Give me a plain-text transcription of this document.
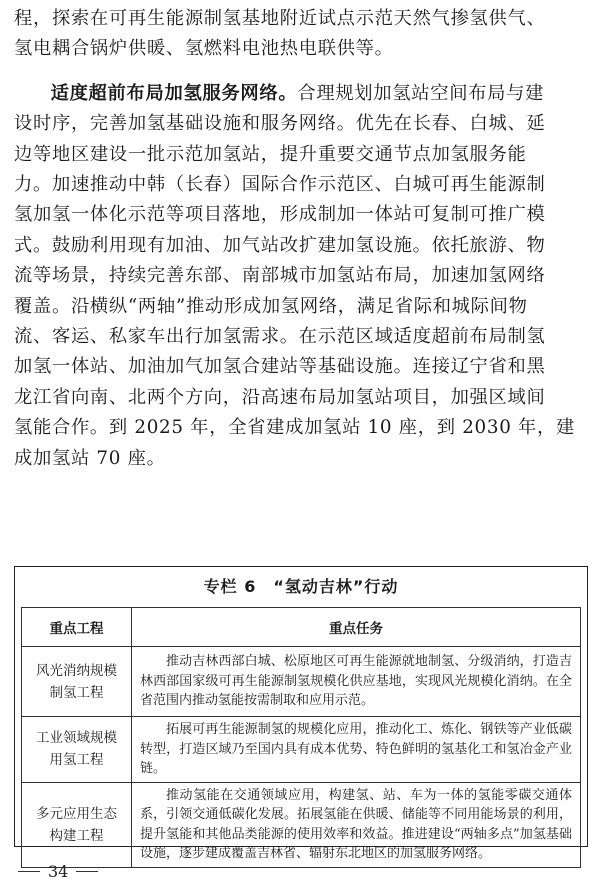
程，探索在可再生能源制氢基地附近试点示范天然气掺氢供气、
氢电耦合锅炉供暖、氢燃料电池热电联供等。

适度超前布局加氢服务网络。合理规划加氢站空间布局与建
设时序，完善加氢基础设施和服务网络。优先在长春、白城、延
边等地区建设一批示范加氢站，提升重要交通节点加氢服务能
力。加速推动中韩（长春）国际合作示范区、白城可再生能源制
氢加氢一体化示范等项目落地，形成制加一体站可复制可推广模
式。鼓励利用现有加油、加气站改扩建加氢设施。依托旅游、物
流等场景，持续完善东部、南部城市加氢站布局，加速加氢网络
覆盖。沿横纵“两轴”推动形成加氢网络，满足省际和城际间物
流、客运、私家车出行加氢需求。在示范区域适度超前布局制氢
加氢一体站、加油加气加氢合建站等基础设施。连接辽宁省和黑
龙江省向南、北两个方向，沿高速布局加氢站项目，加强区域间
氢能合作。到 2025 年，全省建成加氢站 10 座，到 2030 年，建
成加氢站 70 座。

专栏 6　“氢动吉林”行动
重点工程	重点任务
风光消纳规模
制氢工程	推动吉林西部白城、松原地区可再生能源就地制氢、分级消纳，打造吉林西部国家级可再生能源制氢规模化供应基地，实现风光规模化消纳。在全省范围内推动氢能按需制取和应用示范。
工业领域规模
用氢工程	拓展可再生能源制氢的规模化应用，推动化工、炼化、钢铁等产业低碳转型，打造区域乃至国内具有成本优势、特色鲜明的氢基化工和氢冶金产业链。
多元应用生态
构建工程	推动氢能在交通领域应用，构建氢、站、车为一体的氢能零碳交通体系，引领交通低碳化发展。拓展氢能在供暖、储能等不同用能场景的利用，提升氢能和其他品类能源的使用效率和效益。推进建设“两轴多点”加氢基础设施，逐步建成覆盖吉林省、辐射东北地区的加氢服务网络。
34
